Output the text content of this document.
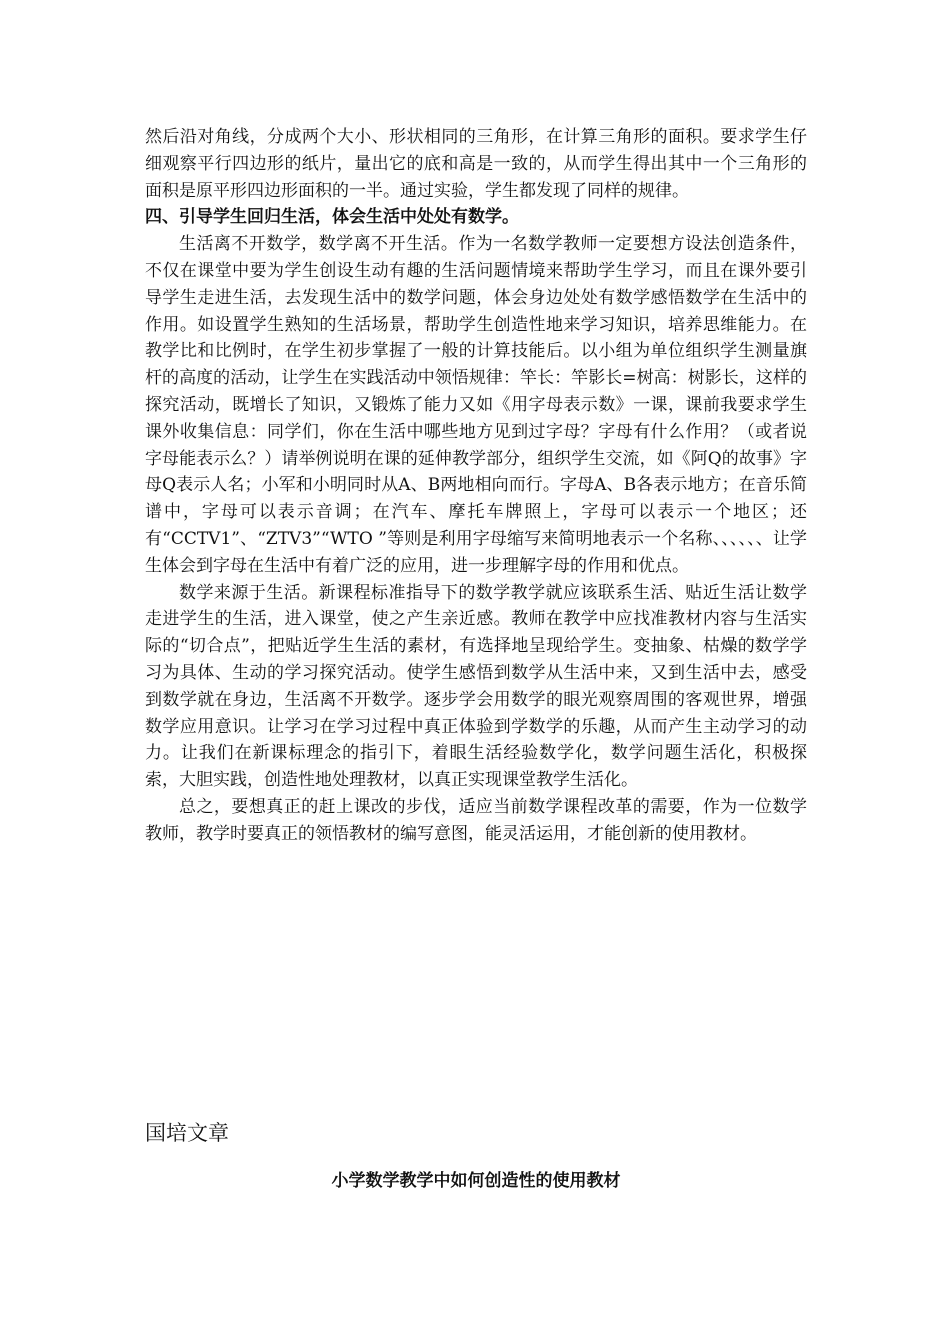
然后沿对角线，分成两个大小、形状相同的三角形，在计算三角形的面积。要求学生仔细观察平行四边形的纸片，量出它的底和高是一致的，从而学生得出其中一个三角形的面积是原平形四边形面积的一半。通过实验，学生都发现了同样的规律。

四、引导学生回归生活，体会生活中处处有数学。

生活离不开数学，数学离不开生活。作为一名数学教师一定要想方设法创造条件，不仅在课堂中要为学生创设生动有趣的生活问题情境来帮助学生学习，而且在课外要引导学生走进生活，去发现生活中的数学问题，体会身边处处有数学感悟数学在生活中的作用。如设置学生熟知的生活场景，帮助学生创造性地来学习知识，培养思维能力。在教学比和比例时，在学生初步掌握了一般的计算技能后。以小组为单位组织学生测量旗杆的高度的活动，让学生在实践活动中领悟规律：竿长：竿影长=树高：树影长，这样的探究活动，既增长了知识，又锻炼了能力又如《用字母表示数》一课，课前我要求学生课外收集信息：同学们，你在生活中哪些地方见到过字母？字母有什么作用？（或者说字母能表示么？）请举例说明在课的延伸教学部分，组织学生交流，如《阿Q的故事》字母Q表示人名；小军和小明同时从A、B两地相向而行。字母A、B各表示地方；在音乐简谱中，字母可以表示音调；在汽车、摩托车牌照上，字母可以表示一个地区；还有“CCTV1”、“ZTV3”“WTO ”等则是利用字母缩写来简明地表示一个名称、、、、、、让学生体会到字母在生活中有着广泛的应用，进一步理解字母的作用和优点。

数学来源于生活。新课程标准指导下的数学教学就应该联系生活、贴近生活让数学走进学生的生活，进入课堂，使之产生亲近感。教师在教学中应找准教材内容与生活实际的“切合点”，把贴近学生生活的素材，有选择地呈现给学生。变抽象、枯燥的数学学习为具体、生动的学习探究活动。使学生感悟到数学从生活中来，又到生活中去，感受到数学就在身边，生活离不开数学。逐步学会用数学的眼光观察周围的客观世界，增强数学应用意识。让学习在学习过程中真正体验到学数学的乐趣，从而产生主动学习的动力。让我们在新课标理念的指引下，着眼生活经验数学化，数学问题生活化，积极探索，大胆实践，创造性地处理教材，以真正实现课堂教学生活化。

总之，要想真正的赶上课改的步伐，适应当前数学课程改革的需要，作为一位数学教师，教学时要真正的领悟教材的编写意图，能灵活运用，才能创新的使用教材。

国培文章
小学数学教学中如何创造性的使用教材
